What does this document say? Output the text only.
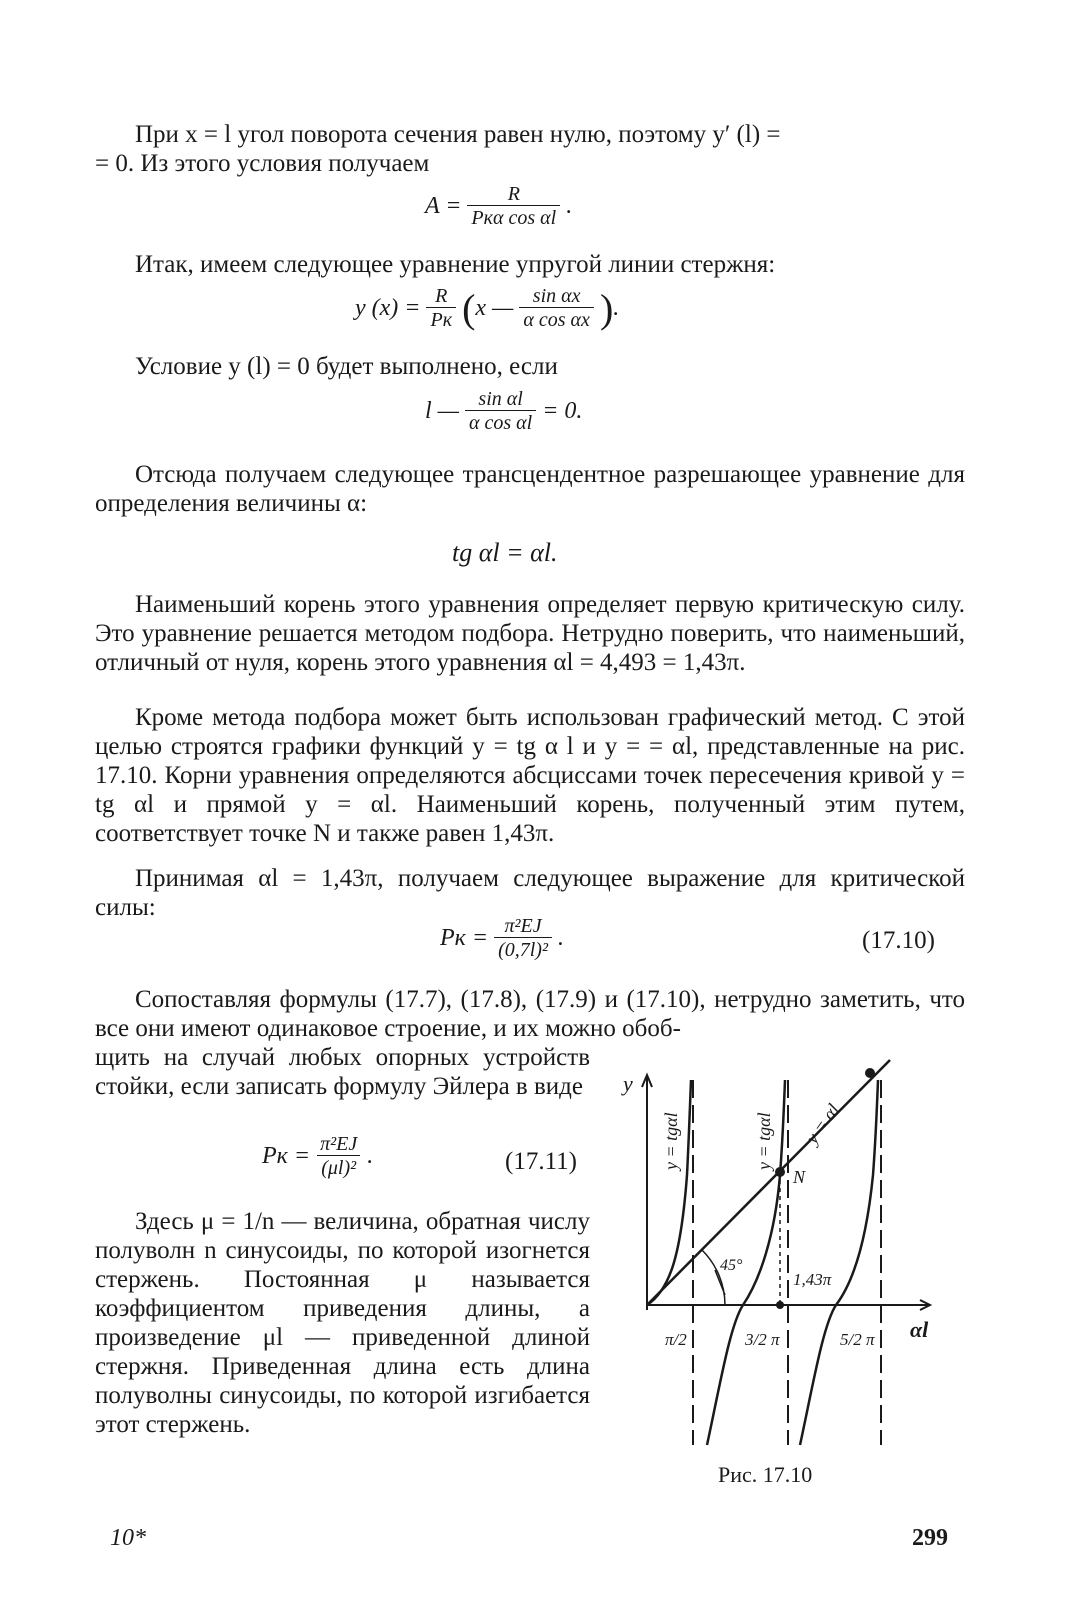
При x = l угол поворота сечения равен нулю, поэтому y′ (l) =
= 0. Из этого условия получаем
$A = \frac{R}{\text{Pкα cos αl}}$ .
Итак, имеем следующее уравнение упругой линии стержня:
y $(x) = \frac{R}{Pк}$ ( x — $\frac{\text{sin αx}}{\text{α cos αx}}$ ) .
Условие y (l) = 0 будет выполнено, если
l — $\frac{\text{sin αl}}{\text{α cos αl}} = 0$.

Отсюда получаем следующее трансцендентное разрешающее уравнение для определения величины α:

tg αl = αl.

Наименьший корень этого уравнения определяет первую критическую силу. Это уравнение решается методом подбора. Нетрудно поверить, что наименьший, отличный от нуля, корень этого уравнения αl = 4,493 = 1,43π.

Кроме метода подбора может быть использован графический метод. С этой целью строятся графики функций y = tg α l и y = = αl, представленные на рис. 17.10. Корни уравнения определяются абсциссами точек пересечения кривой y = tg αl и прямой y = αl. Наименьший корень, полученный этим путем, соответствует точке N и также равен 1,43π.

Принимая αl = 1,43π, получаем следующее выражение для критической силы:

Pк = $\frac{\text{π²EJ}}{\text{(0,7l)²}}$ .	(17.10)

Сопоставляя формулы (17.7), (17.8), (17.9) и (17.10), нетрудно заметить, что все они имеют одинаковое строение, и их можно обоб-

щить на случай любых опорных устройств стойки, если записать формулу Эйлера в виде

Pк = $\frac{\text{π²EJ}}{\text{(μl)²}}$ .	(17.11)

Здесь μ = 1/n — величина, обратная числу полуволн n синусоиды, по которой изогнется стержень. Постоянная μ называется коэффициентом приведения длины, а произведение μl — приведенной длиной стержня. Приведенная длина есть длина полуволны синусоиды, по которой изгибается этот стержень.

y
αl
y = tgαl	y = tgαl y = αl
N
45°
1,43π
π/2	3/2 π	5/2 π
Рис. 17.10
10*	299
